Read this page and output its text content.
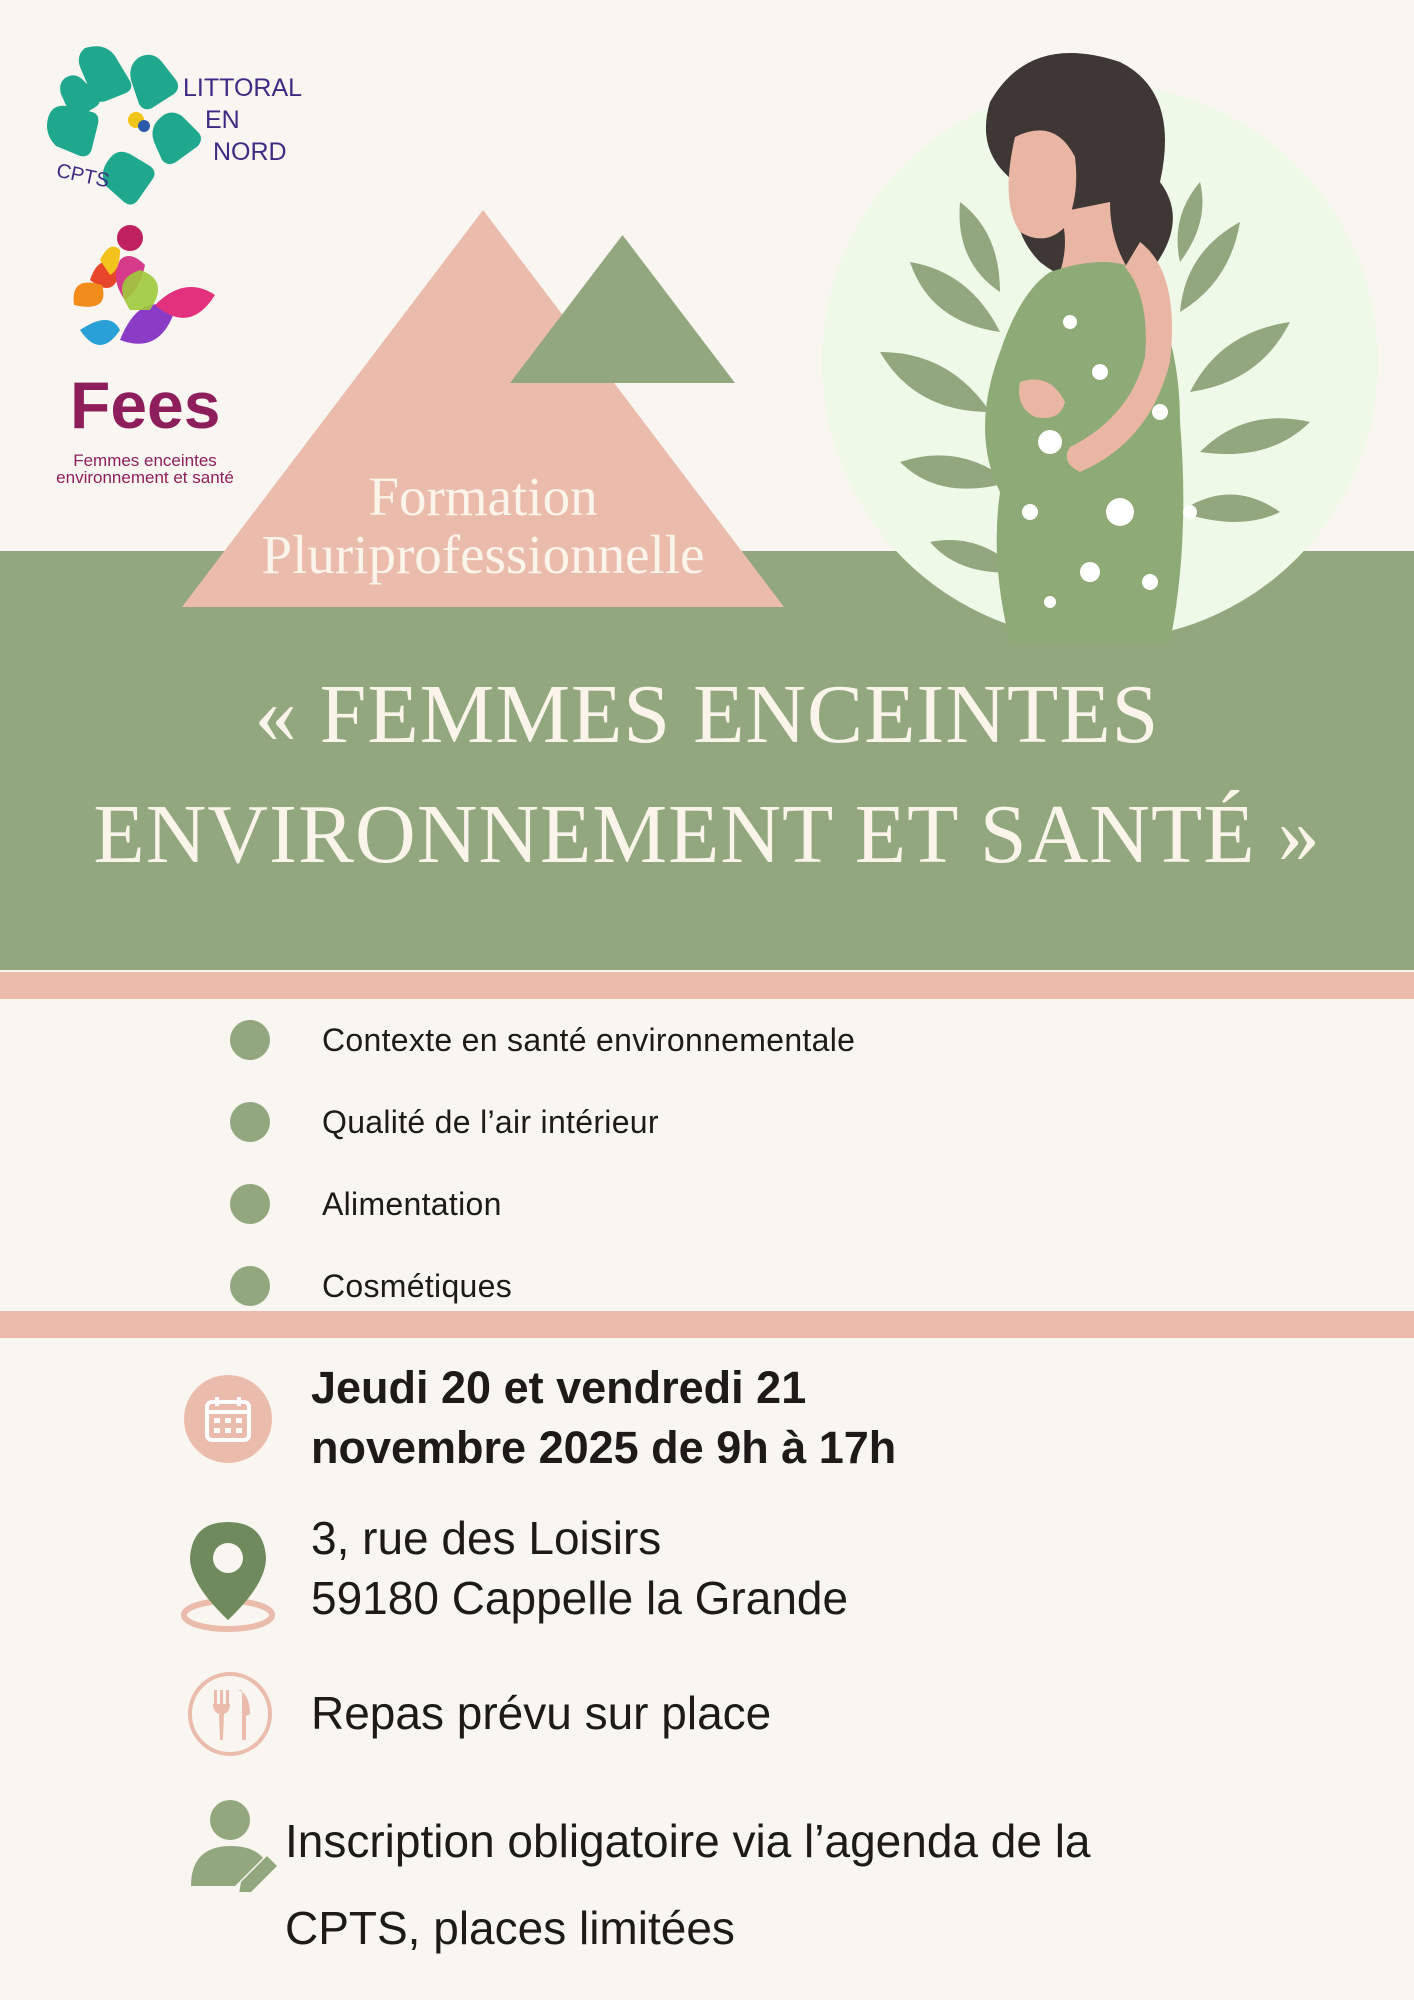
LITTORAL
EN
NORD
CPTS
Fees
Femmes enceintes
environnement et santé	Formation
Pluriprofessionnelle
« FEMMES ENCEINTES
ENVIRONNEMENT ET SANTÉ »
Contexte en santé environnementale
Qualité de l’air intérieur
Alimentation
Cosmétiques
Jeudi 20 et vendredi 21
novembre 2025 de 9h à 17h
3, rue des Loisirs
59180 Cappelle la Grande
Repas prévu sur place
Inscription obligatoire via l’agenda de la
CPTS, places limitées
